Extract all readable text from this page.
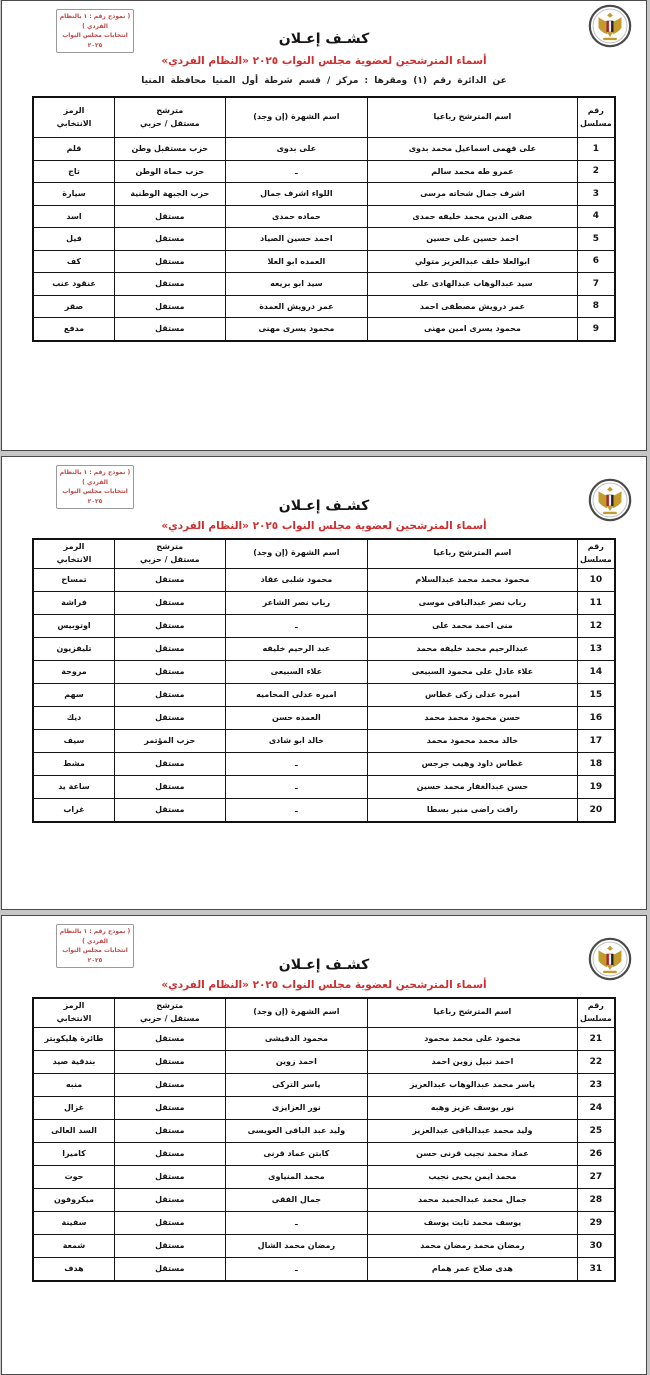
( نموذج رقم : ١ بالنظام الفردي )
انتخابات مجلس النواب ٢٠٢٥	كشـف إعـلان
أسماء المترشحين لعضوية مجلس النواب ٢٠٢٥ «النظام الفردي»
عن الدائرة رقم (١) ومقرها : مركز / قسم شرطة أول المنيا محافظة المنيا
رقم
مسلسل	اسم المترشح رباعيا	اسم الشهرة (إن وجد)	مترشح
مستقل / حزبي	الرمز
الانتخابي
1	على فهمى اسماعيل محمد بدوى	على بدوى	حزب مستقبل وطن	قلم
2	عمرو طه محمد سالم	ـ	حزب حماة الوطن	تاج
3	اشرف جمال شحاته مرسى	اللواء اشرف جمال	حزب الجبهة الوطنية	سيارة
4	صفى الدين محمد خليفه حمدى	حماده حمدى	مستقل	اسد
5	احمد حسين على حسين	احمد حسين الصياد	مستقل	فيل
6	ابوالعلا خلف عبدالعزيز متولي	العمده ابو العلا	مستقل	كف
7	سيد عبدالوهاب عبدالهادى على	سيد ابو بريعه	مستقل	عنقود عنب
8	عمر درويش مصطفى احمد	عمر درويش العمدة	مستقل	صقر
9	محمود يسرى امين مهنى	محمود يسرى مهنى	مستقل	مدفع
( نموذج رقم : ١ بالنظام الفردي )
انتخابات مجلس النواب ٢٠٢٥	كشـف إعـلان
أسماء المترشحين لعضوية مجلس النواب ٢٠٢٥ «النظام الفردي»
رقم
مسلسل	اسم المترشح رباعيا	اسم الشهرة (إن وجد)	مترشح
مستقل / حزبي	الرمز
الانتخابي
10	محمود محمد محمد عبدالسلام	محمود شلبى عقاد	مستقل	تمساح
11	رباب نصر عبدالباقى موسى	رباب نصر الشاعر	مستقل	فراشة
12	منى احمد محمد على	ـ	مستقل	اوتوبيس
13	عبدالرحيم محمد خليفه محمد	عبد الرحيم خليفه	مستقل	تليفزيون
14	علاء عادل على محمود السبيعى	علاء السبيعى	مستقل	مروحة
15	اميره عدلى زكى غطاس	اميره عدلى المحاميه	مستقل	سهم
16	حسن محمود محمد محمد	العمده حسن	مستقل	ديك
17	خالد محمد محمود محمد	خالد ابو شادى	حزب المؤتمر	سيف
18	غطاس داود وهيب جرجس	ـ	مستقل	مشط
19	حسن عبدالغفار محمد حسين	ـ	مستقل	ساعة يد
20	رافت راضى منير بسطا	ـ	مستقل	غراب
( نموذج رقم : ١ بالنظام الفردي )
انتخابات مجلس النواب ٢٠٢٥	كشـف إعـلان
أسماء المترشحين لعضوية مجلس النواب ٢٠٢٥ «النظام الفردي»
رقم
مسلسل	اسم المترشح رباعيا	اسم الشهرة (إن وجد)	مترشح
مستقل / حزبي	الرمز
الانتخابي
21	محمود على محمد محمود	محمود الدقيشى	مستقل	طائرة هليكوبتر
22	احمد نبيل زوين احمد	احمد زوين	مستقل	بندقية صيد
23	ياسر محمد عبدالوهاب عبدالعزيز	ياسر التركى	مستقل	منبه
24	نور يوسف عزيز وهبه	نور العزايزى	مستقل	غزال
25	وليد محمد عبدالباقى عبدالعزيز	وليد عبد الباقى العويسى	مستقل	السد العالى
26	عماد محمد نجيب قرنى حسن	كابتن عماد قرنى	مستقل	كاميرا
27	محمد ايمن يحيى نجيب	محمد المنياوى	مستقل	حوت
28	جمال محمد عبدالحميد محمد	جمال الفقى	مستقل	ميكروفون
29	يوسف محمد ثابت يوسف	ـ	مستقل	سفينة
30	رمضان محمد رمضان محمد	رمضان محمد الشال	مستقل	شمعة
31	هدى صلاح عمر همام	ـ	مستقل	هدف
